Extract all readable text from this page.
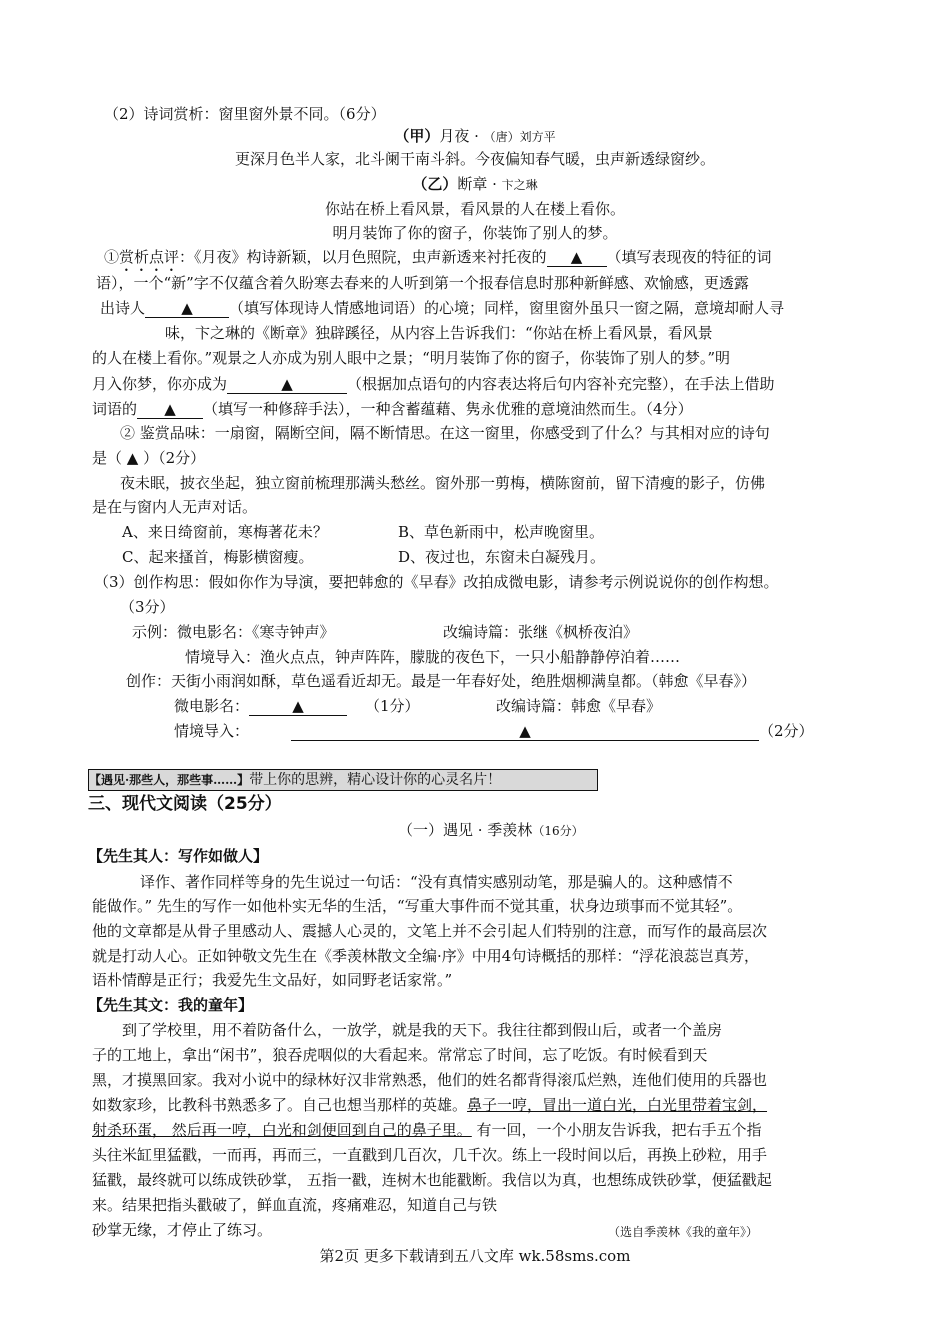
（2）诗词赏析：窗里窗外景不同。（6分）
（甲）月夜 · （唐）刘方平
更深月色半人家，北斗阑干南斗斜。今夜偏知春气暖，虫声新透绿窗纱。
（乙）断章 · 卞之琳
你站在桥上看风景，看风景的人在楼上看你。
明月装饰了你的窗子，你装饰了别人的梦。
①赏析点评：《月夜》构诗新颖，以月色照院，虫声新透来衬托夜的 ▲ （填写表现夜的特征的词
语），一个“新”字不仅蕴含着久盼寒去春来的人听到第一个报春信息时那种新鲜感、欢愉感，更透露
出诗人 ▲ （填写体现诗人情感地词语）的心境；同样，窗里窗外虽只一窗之隔，意境却耐人寻
味，卞之琳的《断章》独辟蹊径，从内容上告诉我们：“你站在桥上看风景，看风景
的人在楼上看你。”观景之人亦成为别人眼中之景；“明月装饰了你的窗子，你装饰了别人的梦。”明
月入你梦，你亦成为	▲	（根据加点语句的内容表达将后句内容补充完整），在手法上借助
词语的 ▲ （填写一种修辞手法），一种含蓄蕴藉、隽永优雅的意境油然而生。（4分）
② 鉴赏品味：一扇窗，隔断空间，隔不断情思。在这一窗里，你感受到了什么？与其相对应的诗句
是（ ▲ ）（2分）
夜未眠，披衣坐起，独立窗前梳理那满头愁丝。窗外那一剪梅，横陈窗前，留下清瘦的影子，仿佛
是在与窗内人无声对话。
A、来日绮窗前，寒梅著花未？	B、草色新雨中，松声晚窗里。
C、起来搔首，梅影横窗瘦。	D、夜过也，东窗未白凝残月。
（3）创作构思：假如你作为导演，要把韩愈的《早春》改拍成微电影，请参考示例说说你的创作构想。
（3分）
示例：微电影名：《寒寺钟声》	改编诗篇：张继《枫桥夜泊》
情境导入：渔火点点，钟声阵阵，朦胧的夜色下，一只小船静静停泊着……
创作：天街小雨润如酥，草色遥看近却无。最是一年春好处，绝胜烟柳满皇都。（韩愈《早春》）
微电影名：	▲	（1分）	改编诗篇：韩愈《早春》
情境导入：	▲	（2分）
【遇见·那些人，那些事……】带上你的思辨，精心设计你的心灵名片！
三、现代文阅读（25分）
（一）遇见 · 季羡林（16分）
【先生其人：写作如做人】
译作、著作同样等身的先生说过一句话：“没有真情实感别动笔，那是骗人的。这种感情不
能做作。” 先生的写作一如他朴实无华的生活，“写重大事件而不觉其重，状身边琐事而不觉其轻”。
他的文章都是从骨子里感动人、震撼人心灵的，文笔上并不会引起人们特别的注意，而写作的最高层次
就是打动人心。正如钟敬文先生在《季羡林散文全编·序》中用4句诗概括的那样：“浮花浪蕊岂真芳，
语朴情醇是正行；我爱先生文品好，如同野老话家常。”
【先生其文：我的童年】
到了学校里，用不着防备什么，一放学，就是我的天下。我往往都到假山后，或者一个盖房
子的工地上，拿出“闲书”，狼吞虎咽似的大看起来。常常忘了时间，忘了吃饭。有时候看到天
黑，才摸黑回家。我对小说中的绿林好汉非常熟悉，他们的姓名都背得滚瓜烂熟，连他们使用的兵器也
如数家珍，比教科书熟悉多了。自己也想当那样的英雄。鼻子一哼，冒出一道白光，白光里带着宝剑，
射杀环蛋， 然后再一哼，白光和剑便回到自己的鼻子里。 有一回，一个小朋友告诉我，把右手五个指
头往米缸里猛戳，一而再，再而三，一直戳到几百次，几千次。练上一段时间以后，再换上砂粒，用手
猛戳，最终就可以练成铁砂掌， 五指一戳，连树木也能戳断。我信以为真，也想练成铁砂掌，便猛戳起
来。结果把指头戳破了，鲜血直流，疼痛难忍，知道自己与铁
砂掌无缘，才停止了练习。	（选自季羡林《我的童年》）
第2页 更多下载请到五八文库 wk.58sms.com
